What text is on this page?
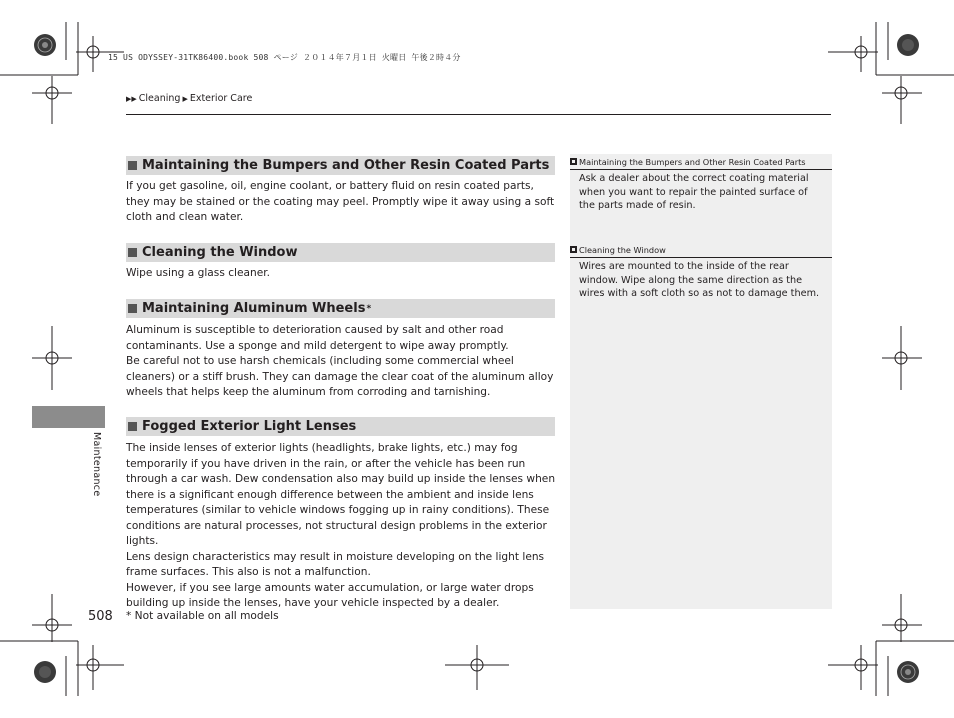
15 US ODYSSEY-31TK86400.book 508 ページ ２０１４年７月１日 火曜日 午後２時４分
▶▶ Cleaning ▶ Exterior Care
Maintaining the Bumpers and Other Resin Coated Parts

If you get gasoline, oil, engine coolant, or battery fluid on resin coated parts, they may be stained or the coating may peel. Promptly wipe it away using a soft cloth and clean water.

Cleaning the Window

Wipe using a glass cleaner.

Maintaining Aluminum Wheels *

Aluminum is susceptible to deterioration caused by salt and other road contaminants. Use a sponge and mild detergent to wipe away promptly.

Be careful not to use harsh chemicals (including some commercial wheel cleaners) or a stiff brush. They can damage the clear coat of the aluminum alloy wheels that helps keep the aluminum from corroding and tarnishing.

Fogged Exterior Light Lenses

The inside lenses of exterior lights (headlights, brake lights, etc.) may fog temporarily if you have driven in the rain, or after the vehicle has been run through a car wash. Dew condensation also may build up inside the lenses when there is a significant enough difference between the ambient and inside lens temperatures (similar to vehicle windows fogging up in rainy conditions). These conditions are natural processes, not structural design problems in the exterior lights.

Lens design characteristics may result in moisture developing on the light lens frame surfaces. This also is not a malfunction.

However, if you see large amounts water accumulation, or large water drops building up inside the lenses, have your vehicle inspected by a dealer.

Maintaining the Bumpers and Other Resin Coated Parts
Ask a dealer about the correct coating material when you want to repair the painted surface of the parts made of resin.
Cleaning the Window
Wires are mounted to the inside of the rear window. Wipe along the same direction as the wires with a soft cloth so as not to damage them.
Maintenance
508 * Not available on all models
